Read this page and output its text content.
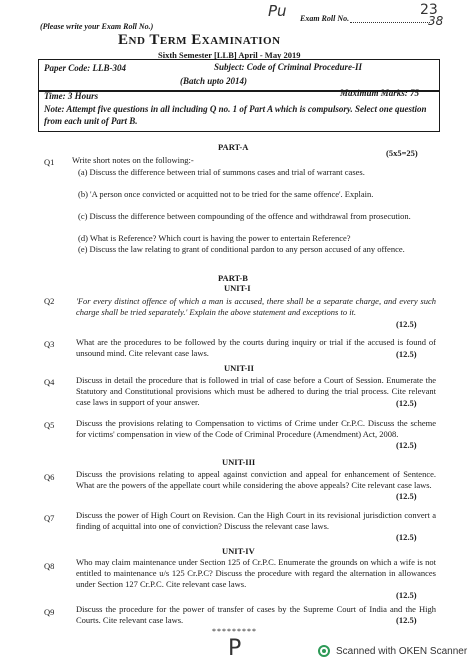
(Please write your Exam Roll No.)
Exam Roll No.
Pu	23
38
End Term Examination
Sixth Semester [LLB] April - May 2019
Paper Code: LLB-304	Subject: Code of Criminal Procedure-II
(Batch upto 2014)
Time: 3 Hours	Maximum Marks: 75
Note: Attempt five questions in all including Q no. 1 of Part A which is compulsory. Select one question from each unit of Part B.
PART-A
(5x5=25)
Q1 Write short notes on the following:-
(a) Discuss the difference between trial of summons cases and trial of warrant cases.
(b) 'A person once convicted or acquitted not to be tried for the same offence'. Explain.
(c) Discuss the difference between compounding of the offence and withdrawal from prosecution.
(d) What is Reference? Which court is having the power to entertain Reference?
(e) Discuss the law relating to grant of conditional pardon to any person accused of any offence.
PART-B
UNIT-I
Q2	'For every distinct offence of which a man is accused, there shall be a separate charge, and every such charge shall be tried separately.' Explain the above statement and exceptions to it.
(12.5)
Q3	What are the procedures to be followed by the courts during inquiry or trial if the accused is found of unsound mind. Cite relevant case laws.	(12.5)
UNIT-II
Q4	Discuss in detail the procedure that is followed in trial of case before a Court of Session. Enumerate the Statutory and Constitutional provisions which must be adhered to during the trial process. Cite relevant case laws in support of your answer.	(12.5)
Q5	Discuss the provisions relating to Compensation to victims of Crime under Cr.P.C. Discuss the scheme for victims' compensation in view of the Code of Criminal Procedure (Amendment) Act, 2008.
(12.5)
UNIT-III
Q6	Discuss the provisions relating to appeal against conviction and appeal for enhancement of Sentence. What are the powers of the appellate court while considering the above appeals? Cite relevant case laws.
(12.5)
Q7	Discuss the power of High Court on Revision. Can the High Court in its revisional jurisdiction convert a finding of acquittal into one of conviction? Discuss the relevant case laws.
(12.5)
UNIT-IV
Q8	Who may claim maintenance under Section 125 of Cr.P.C. Enumerate the grounds on which a wife is not entitled to maintenance u/s 125 Cr.P.C? Discuss the procedure with regard the alternation in allowances under Section 127 Cr.P.C. Cite relevant case laws.
(12.5)
Q9	Discuss the procedure for the power of transfer of cases by the Supreme Court of India and the High Courts. Cite relevant case laws.	(12.5)
*********
P	Scanned with OKEN Scanner
